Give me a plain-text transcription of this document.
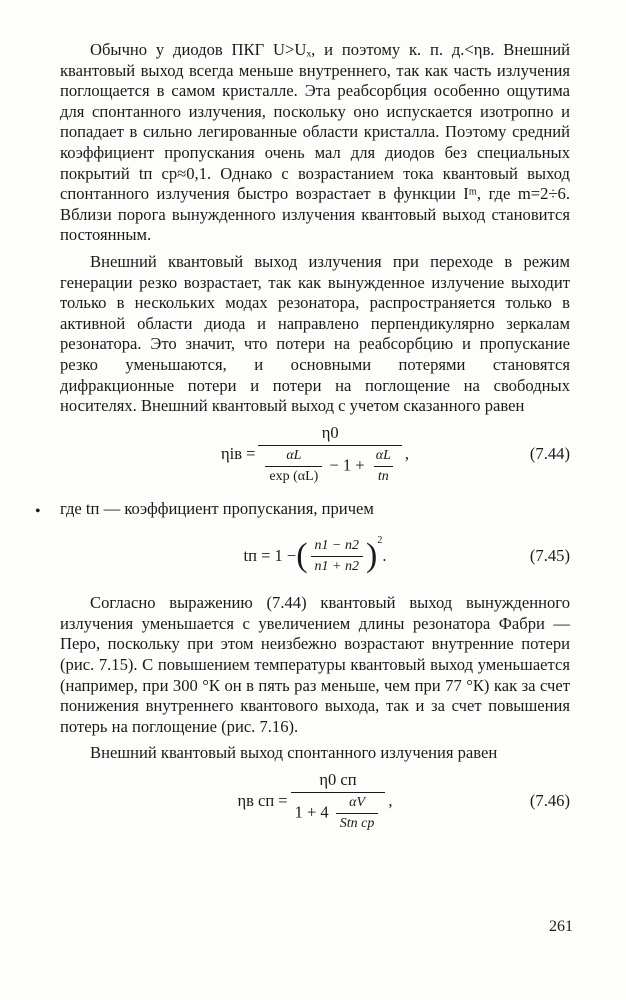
Обычно у диодов ПКГ U>Uₓ, и поэтому к. п. д.<ηв. Внешний квантовый выход всегда меньше внутреннего, так как часть излучения поглощается в самом кристалле. Эта реабсорбция особенно ощутима для спонтанного излучения, поскольку оно испускается изотропно и попадает в сильно легированные области кристалла. Поэтому средний коэффициент пропускания очень мал для диодов без специальных покрытий tп ср≈0,1. Однако с возрастанием тока квантовый выход спонтанного излучения быстро возрастает в функции Iᵐ, где m=2÷6. Вблизи порога вынужденного излучения квантовый выход становится постоянным.

Внешний квантовый выход излучения при переходе в режим генерации резко возрастает, так как вынужденное излучение выходит только в нескольких модах резонатора, распространяется только в активной области диода и направлено перпендикулярно зеркалам резонатора. Это значит, что потери на реабсорбцию и пропускание резко уменьшаются, и основными потерями становятся дифракционные потери и потери на поглощение на свободных носителях. Внешний квантовый выход с учетом сказанного равен

ηiв =
η0
$\frac{\alpha L}{\exp (\alpha L)} - 1 + \frac{\alpha L}{tп}$ ,	(7.44)
• где tп — коэффициент пропускания, причем

tп = 1 − ( $\frac{n1 - n2}{n1 + n2} )^2$
.	(7.45)

Согласно выражению (7.44) квантовый выход вынужденного излучения уменьшается с увеличением длины резонатора Фабри — Перо, поскольку при этом неизбежно возрастают внутренние потери (рис. 7.15). С повышением температуры квантовый выход уменьшается (например, при 300 °К он в пять раз меньше, чем при 77 °К) как за счет понижения внутреннего квантового выхода, так и за счет повышения потерь на поглощение (рис. 7.16).

Внешний квантовый выход спонтанного излучения равен

ηв сп = $\frac{\eta 0 сп}{1 + 4 \frac{\alpha V}{\text{Stп ср}}}$ ,	(7.46)
261
